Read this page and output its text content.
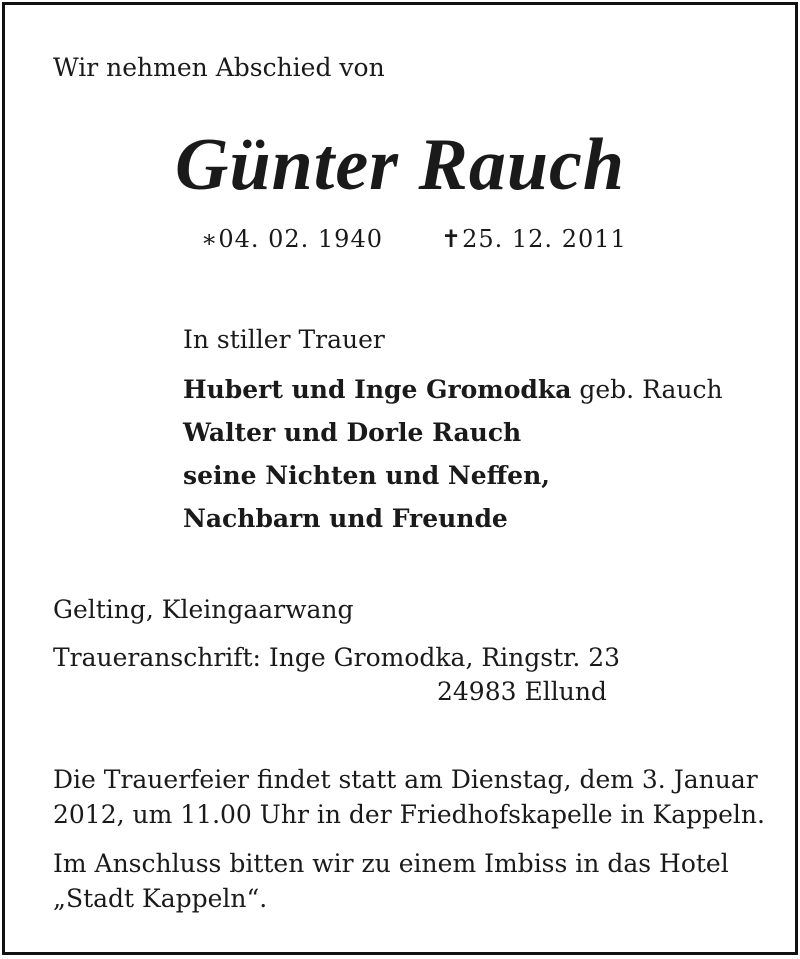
Wir nehmen Abschied von
Günter Rauch
∗04. 02. 1940 ✝25. 12. 2011
In stiller Trauer
Hubert und Inge Gromodka geb. Rauch
Walter und Dorle Rauch
seine Nichten und Neffen,
Nachbarn und Freunde
Gelting, Kleingaarwang
Traueranschrift: Inge Gromodka, Ringstr. 23
24983 Ellund
Die Trauerfeier findet statt am Dienstag, dem 3. Januar
2012, um 11.00 Uhr in der Friedhofskapelle in Kappeln.
Im Anschluss bitten wir zu einem Imbiss in das Hotel
„Stadt Kappeln“.
